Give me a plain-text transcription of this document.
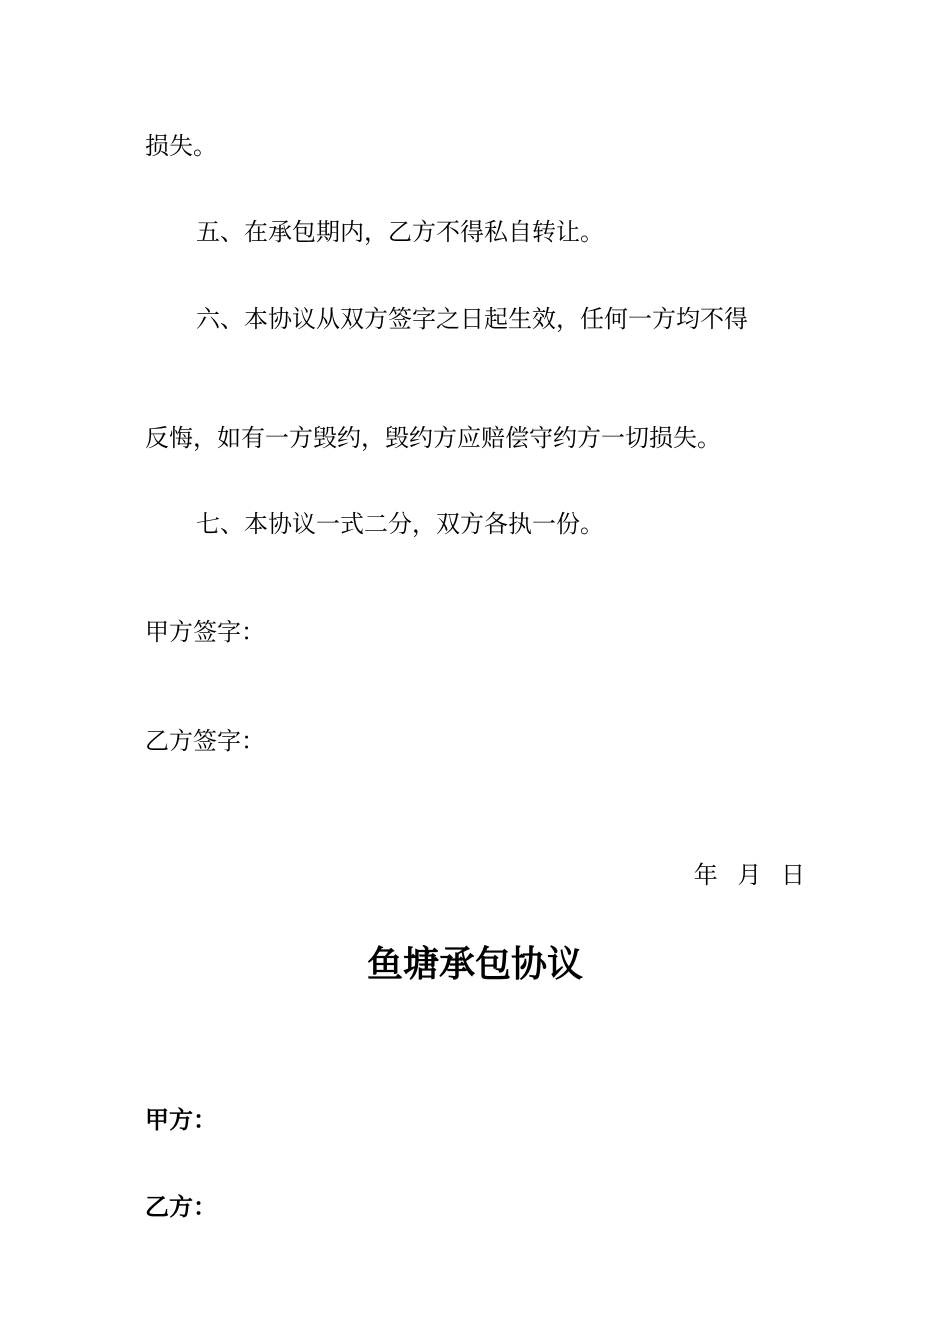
损失。

五、在承包期内，乙方不得私自转让。

六、本协议从双方签字之日起生效，任何一方均不得

反悔，如有一方毁约，毁约方应赔偿守约方一切损失。

七、本协议一式二分，双方各执一份。

甲方签字：

乙方签字：

年 月 日
鱼塘承包协议

甲方：

乙方：
